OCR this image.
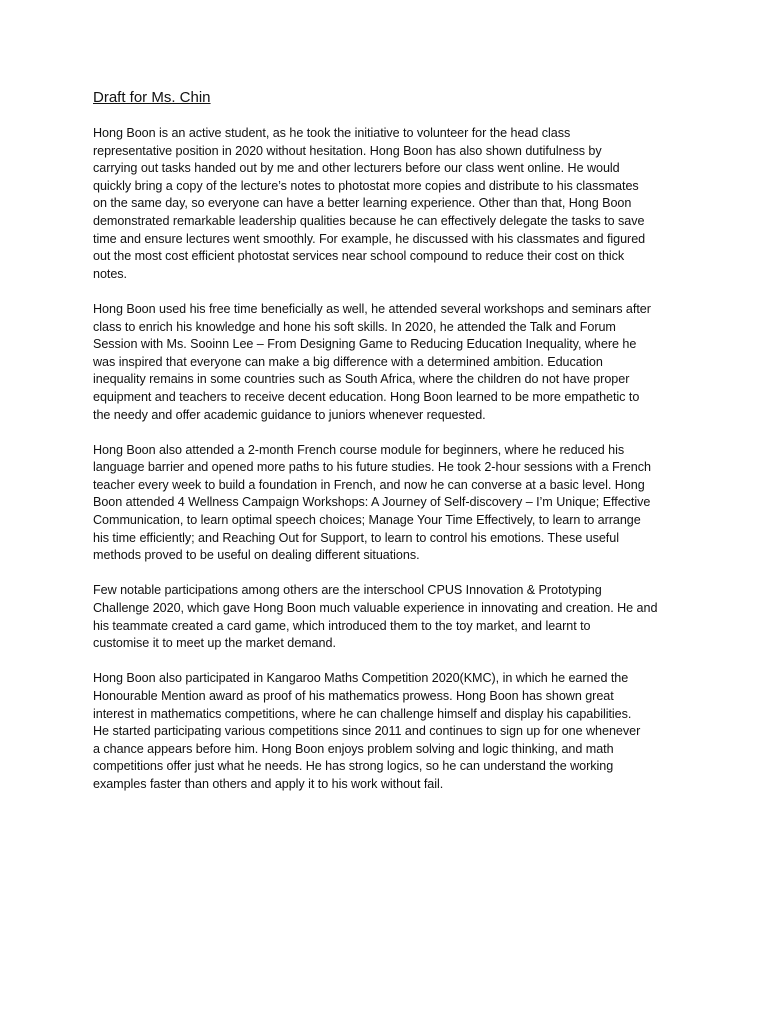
Draft for Ms. Chin

Hong Boon is an active student, as he took the initiative to volunteer for the head class
representative position in 2020 without hesitation. Hong Boon has also shown dutifulness by
carrying out tasks handed out by me and other lecturers before our class went online. He would
quickly bring a copy of the lecture’s notes to photostat more copies and distribute to his classmates
on the same day, so everyone can have a better learning experience. Other than that, Hong Boon
demonstrated remarkable leadership qualities because he can effectively delegate the tasks to save
time and ensure lectures went smoothly. For example, he discussed with his classmates and figured
out the most cost efficient photostat services near school compound to reduce their cost on thick
notes.

Hong Boon used his free time beneficially as well, he attended several workshops and seminars after
class to enrich his knowledge and hone his soft skills. In 2020, he attended the Talk and Forum
Session with Ms. Sooinn Lee – From Designing Game to Reducing Education Inequality, where he
was inspired that everyone can make a big difference with a determined ambition. Education
inequality remains in some countries such as South Africa, where the children do not have proper
equipment and teachers to receive decent education. Hong Boon learned to be more empathetic to
the needy and offer academic guidance to juniors whenever requested.

Hong Boon also attended a 2-month French course module for beginners, where he reduced his
language barrier and opened more paths to his future studies. He took 2-hour sessions with a French
teacher every week to build a foundation in French, and now he can converse at a basic level. Hong
Boon attended 4 Wellness Campaign Workshops: A Journey of Self-discovery – I’m Unique; Effective
Communication, to learn optimal speech choices; Manage Your Time Effectively, to learn to arrange
his time efficiently; and Reaching Out for Support, to learn to control his emotions. These useful
methods proved to be useful on dealing different situations.

Few notable participations among others are the interschool CPUS Innovation & Prototyping
Challenge 2020, which gave Hong Boon much valuable experience in innovating and creation. He and
his teammate created a card game, which introduced them to the toy market, and learnt to
customise it to meet up the market demand.

Hong Boon also participated in Kangaroo Maths Competition 2020(KMC), in which he earned the
Honourable Mention award as proof of his mathematics prowess. Hong Boon has shown great
interest in mathematics competitions, where he can challenge himself and display his capabilities.
He started participating various competitions since 2011 and continues to sign up for one whenever
a chance appears before him. Hong Boon enjoys problem solving and logic thinking, and math
competitions offer just what he needs. He has strong logics, so he can understand the working
examples faster than others and apply it to his work without fail.
